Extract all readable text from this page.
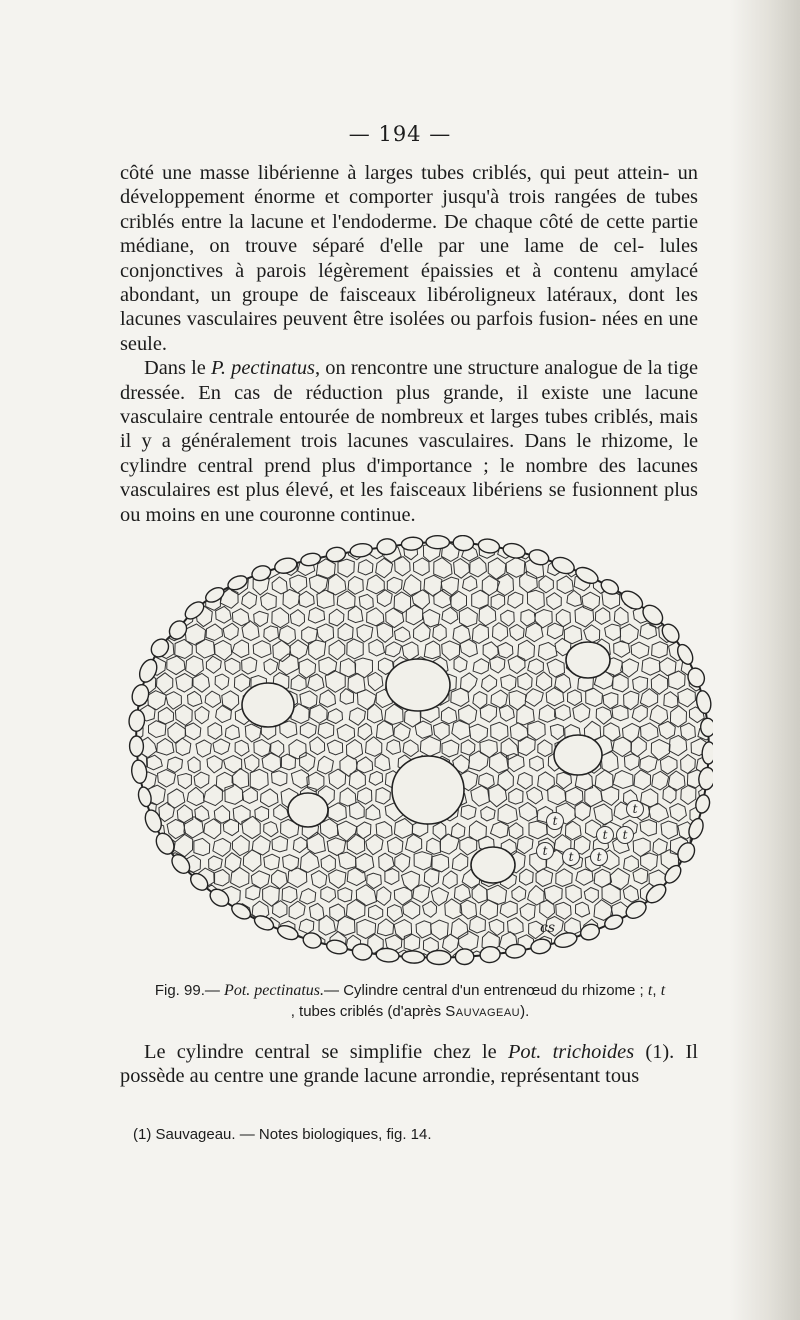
— 194 —

côté une masse libérienne à larges tubes criblés, qui peut attein- un développement énorme et comporter jusqu'à trois rangées de tubes criblés entre la lacune et l'endoderme. De chaque côté de cette partie médiane, on trouve séparé d'elle par une lame de cel- lules conjonctives à parois légèrement épaissies et à contenu amylacé abondant, un groupe de faisceaux libéroligneux latéraux, dont les lacunes vasculaires peuvent être isolées ou parfois fusion- nées en une seule.

Dans le P. pectinatus, on rencontre une structure analogue de la tige dressée. En cas de réduction plus grande, il existe une lacune vasculaire centrale entourée de nombreux et larges tubes criblés, mais il y a généralement trois lacunes vasculaires. Dans le rhizome, le cylindre central prend plus d'importance ; le nombre des lacunes vasculaires est plus élevé, et les faisceaux libériens se fusionnent plus ou moins en une couronne continue.

cs
t
t
t	t
t	t	t
Fig. 99.— Pot. pectinatus.— Cylindre central d'un entrenœud du rhizome ; t, t
, tubes criblés (d'après Sauvageau).

Le cylindre central se simplifie chez le Pot. trichoides (1). Il possède au centre une grande lacune arrondie, représentant tous

(1) Sauvageau. — Notes biologiques, fig. 14.
